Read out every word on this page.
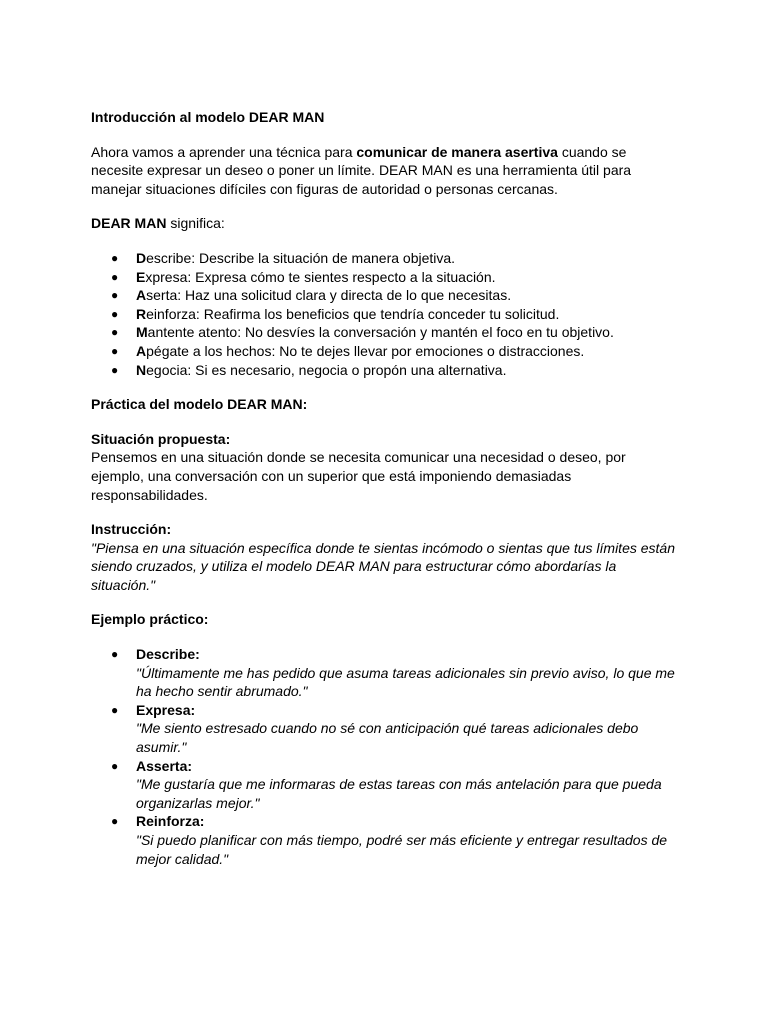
Introducción al modelo DEAR MAN

Ahora vamos a aprender una técnica para comunicar de manera asertiva cuando se necesite expresar un deseo o poner un límite. DEAR MAN es una herramienta útil para manejar situaciones difíciles con figuras de autoridad o personas cercanas.

DEAR MAN significa:

● Describe: Describe la situación de manera objetiva.
● Expresa: Expresa cómo te sientes respecto a la situación.
● Aserta: Haz una solicitud clara y directa de lo que necesitas.
● Reinforza: Reafirma los beneficios que tendría conceder tu solicitud.
● Mantente atento: No desvíes la conversación y mantén el foco en tu objetivo.
● Apégate a los hechos: No te dejes llevar por emociones o distracciones.
● Negocia: Si es necesario, negocia o propón una alternativa.

Práctica del modelo DEAR MAN:

Situación propuesta:

Pensemos en una situación donde se necesita comunicar una necesidad o deseo, por ejemplo, una conversación con un superior que está imponiendo demasiadas responsabilidades.

Instrucción:

"Piensa en una situación específica donde te sientas incómodo o sientas que tus límites están siendo cruzados, y utiliza el modelo DEAR MAN para estructurar cómo abordarías la situación."

Ejemplo práctico:

● Describe:
"Últimamente me has pedido que asuma tareas adicionales sin previo aviso, lo que me ha hecho sentir abrumado."
● Expresa:
"Me siento estresado cuando no sé con anticipación qué tareas adicionales debo asumir."
● Asserta:
"Me gustaría que me informaras de estas tareas con más antelación para que pueda organizarlas mejor."
● Reinforza:
"Si puedo planificar con más tiempo, podré ser más eficiente y entregar resultados de mejor calidad."
